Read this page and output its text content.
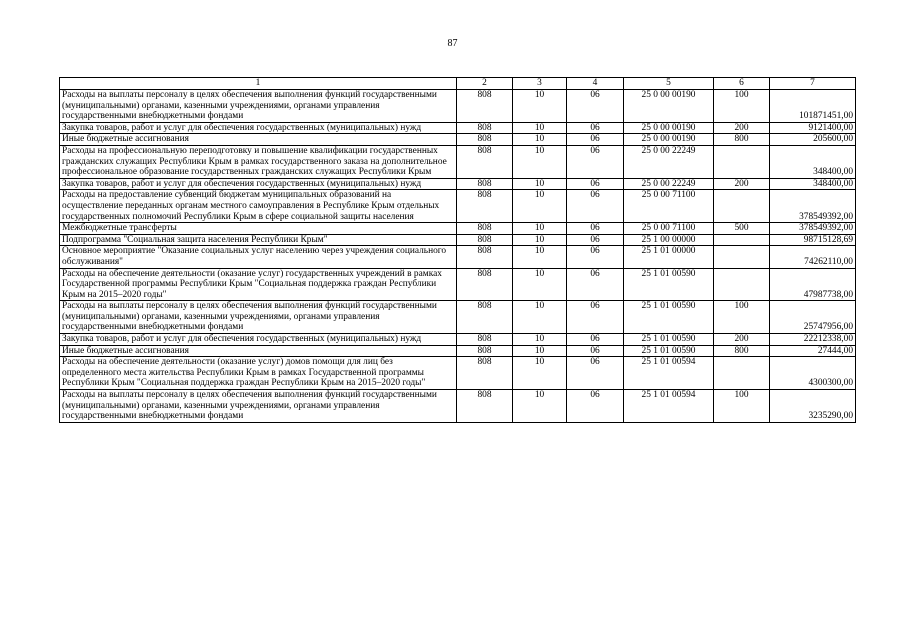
87
1	2	3	4	5	6	7
Расходы на выплаты персоналу в целях обеспечения выполнения функций государственными (муниципальными) органами, казенными учреждениями, органами управления государственными внебюджетными фондами	808	10	06	25 0 00 00190	100	101871451,00
Закупка товаров, работ и услуг для обеспечения государственных (муниципальных) нужд	808	10	06	25 0 00 00190	200	9121400,00
Иные бюджетные ассигнования	808	10	06	25 0 00 00190	800	205600,00
Расходы на профессиональную переподготовку и повышение квалификации государственных гражданских служащих Республики Крым в рамках государственного заказа на дополнительное профессиональное образование государственных гражданских служащих Республики Крым	808	10	06	25 0 00 22249		348400,00
Закупка товаров, работ и услуг для обеспечения государственных (муниципальных) нужд	808	10	06	25 0 00 22249	200	348400,00
Расходы на предоставление субвенций бюджетам муниципальных образований на осуществление переданных органам местного самоуправления в Республике Крым отдельных государственных полномочий Республики Крым в сфере социальной защиты населения	808	10	06	25 0 00 71100		378549392,00
Межбюджетные трансферты	808	10	06	25 0 00 71100	500	378549392,00
Подпрограмма "Социальная защита населения Республики Крым"	808	10	06	25 1 00 00000		98715128,69
Основное мероприятие "Оказание социальных услуг населению через учреждения социального обслуживания"	808	10	06	25 1 01 00000		74262110,00
Расходы на обеспечение деятельности (оказание услуг) государственных учреждений в рамках Государственной программы Республики Крым "Социальная поддержка граждан Республики Крым на 2015–2020 годы"	808	10	06	25 1 01 00590		47987738,00
Расходы на выплаты персоналу в целях обеспечения выполнения функций государственными (муниципальными) органами, казенными учреждениями, органами управления государственными внебюджетными фондами	808	10	06	25 1 01 00590	100	25747956,00
Закупка товаров, работ и услуг для обеспечения государственных (муниципальных) нужд	808	10	06	25 1 01 00590	200	22212338,00
Иные бюджетные ассигнования	808	10	06	25 1 01 00590	800	27444,00
Расходы на обеспечение деятельности (оказание услуг) домов помощи для лиц без определенного места жительства Республики Крым в рамках Государственной программы Республики Крым "Социальная поддержка граждан Республики Крым на 2015–2020 годы"	808	10	06	25 1 01 00594		4300300,00
Расходы на выплаты персоналу в целях обеспечения выполнения функций государственными (муниципальными) органами, казенными учреждениями, органами управления государственными внебюджетными фондами	808	10	06	25 1 01 00594	100	3235290,00
